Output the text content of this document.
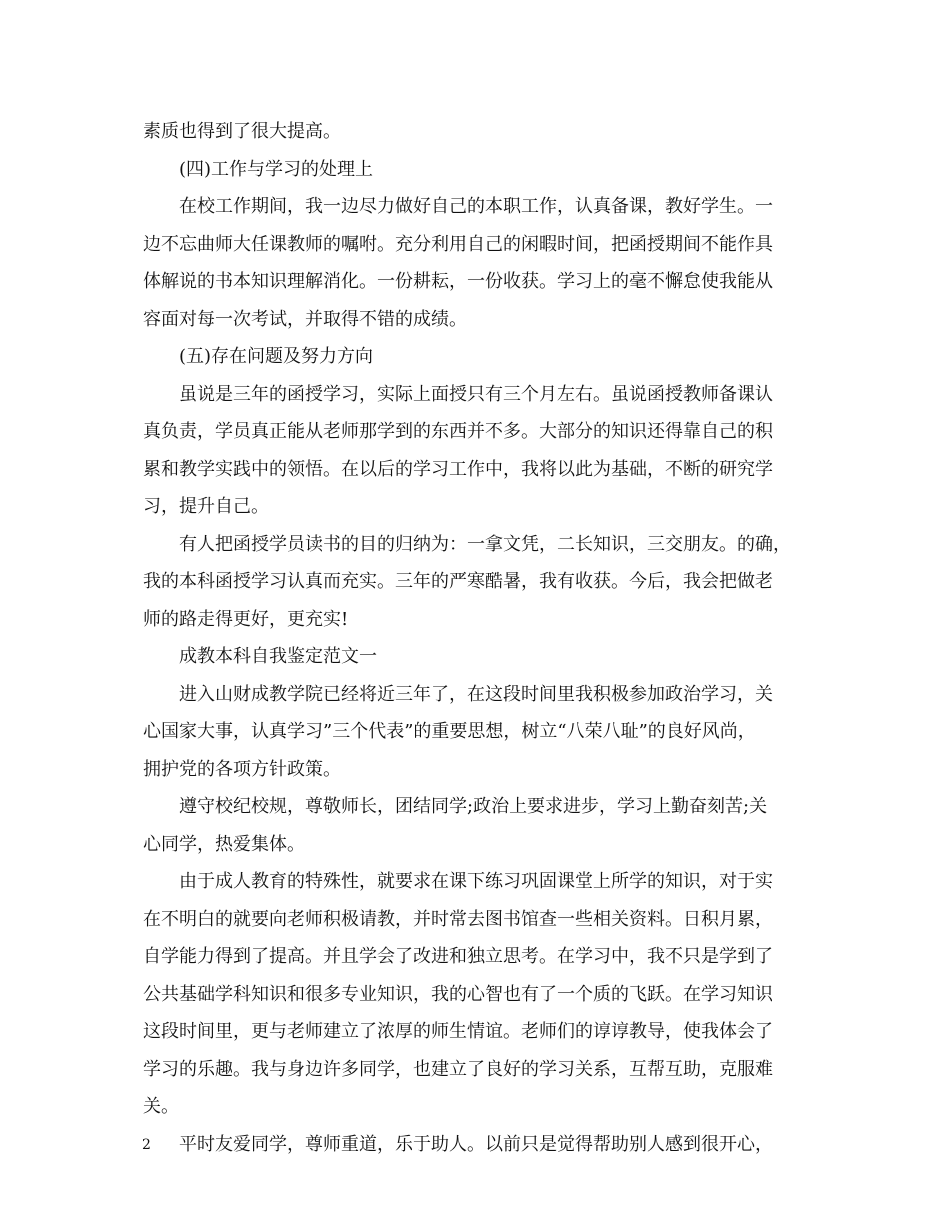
素质也得到了很大提高。
(四)工作与学习的处理上
在校工作期间，我一边尽力做好自己的本职工作，认真备课，教好学生。一
边不忘曲师大任课教师的嘱咐。充分利用自己的闲暇时间，把函授期间不能作具
体解说的书本知识理解消化。一份耕耘，一份收获。学习上的毫不懈怠使我能从
容面对每一次考试，并取得不错的成绩。
(五)存在问题及努力方向
虽说是三年的函授学习，实际上面授只有三个月左右。虽说函授教师备课认
真负责，学员真正能从老师那学到的东西并不多。大部分的知识还得靠自己的积
累和教学实践中的领悟。在以后的学习工作中，我将以此为基础，不断的研究学
习，提升自己。
有人把函授学员读书的目的归纳为：一拿文凭，二长知识，三交朋友。的确，
我的本科函授学习认真而充实。三年的严寒酷暑，我有收获。今后，我会把做老
师的路走得更好，更充实!
成教本科自我鉴定范文一
进入山财成教学院已经将近三年了，在这段时间里我积极参加政治学习，关
心国家大事，认真学习”三个代表”的重要思想，树立“八荣八耻”的良好风尚，
拥护党的各项方针政策。
遵守校纪校规，尊敬师长，团结同学;政治上要求进步，学习上勤奋刻苦;关
心同学，热爱集体。
由于成人教育的特殊性，就要求在课下练习巩固课堂上所学的知识，对于实
在不明白的就要向老师积极请教，并时常去图书馆查一些相关资料。日积月累，
自学能力得到了提高。并且学会了改进和独立思考。在学习中，我不只是学到了
公共基础学科知识和很多专业知识，我的心智也有了一个质的飞跃。在学习知识
这段时间里，更与老师建立了浓厚的师生情谊。老师们的谆谆教导，使我体会了
学习的乐趣。我与身边许多同学，也建立了良好的学习关系，互帮互助，克服难
关。
平时友爱同学，尊师重道，乐于助人。以前只是觉得帮助别人感到很开心，
2
